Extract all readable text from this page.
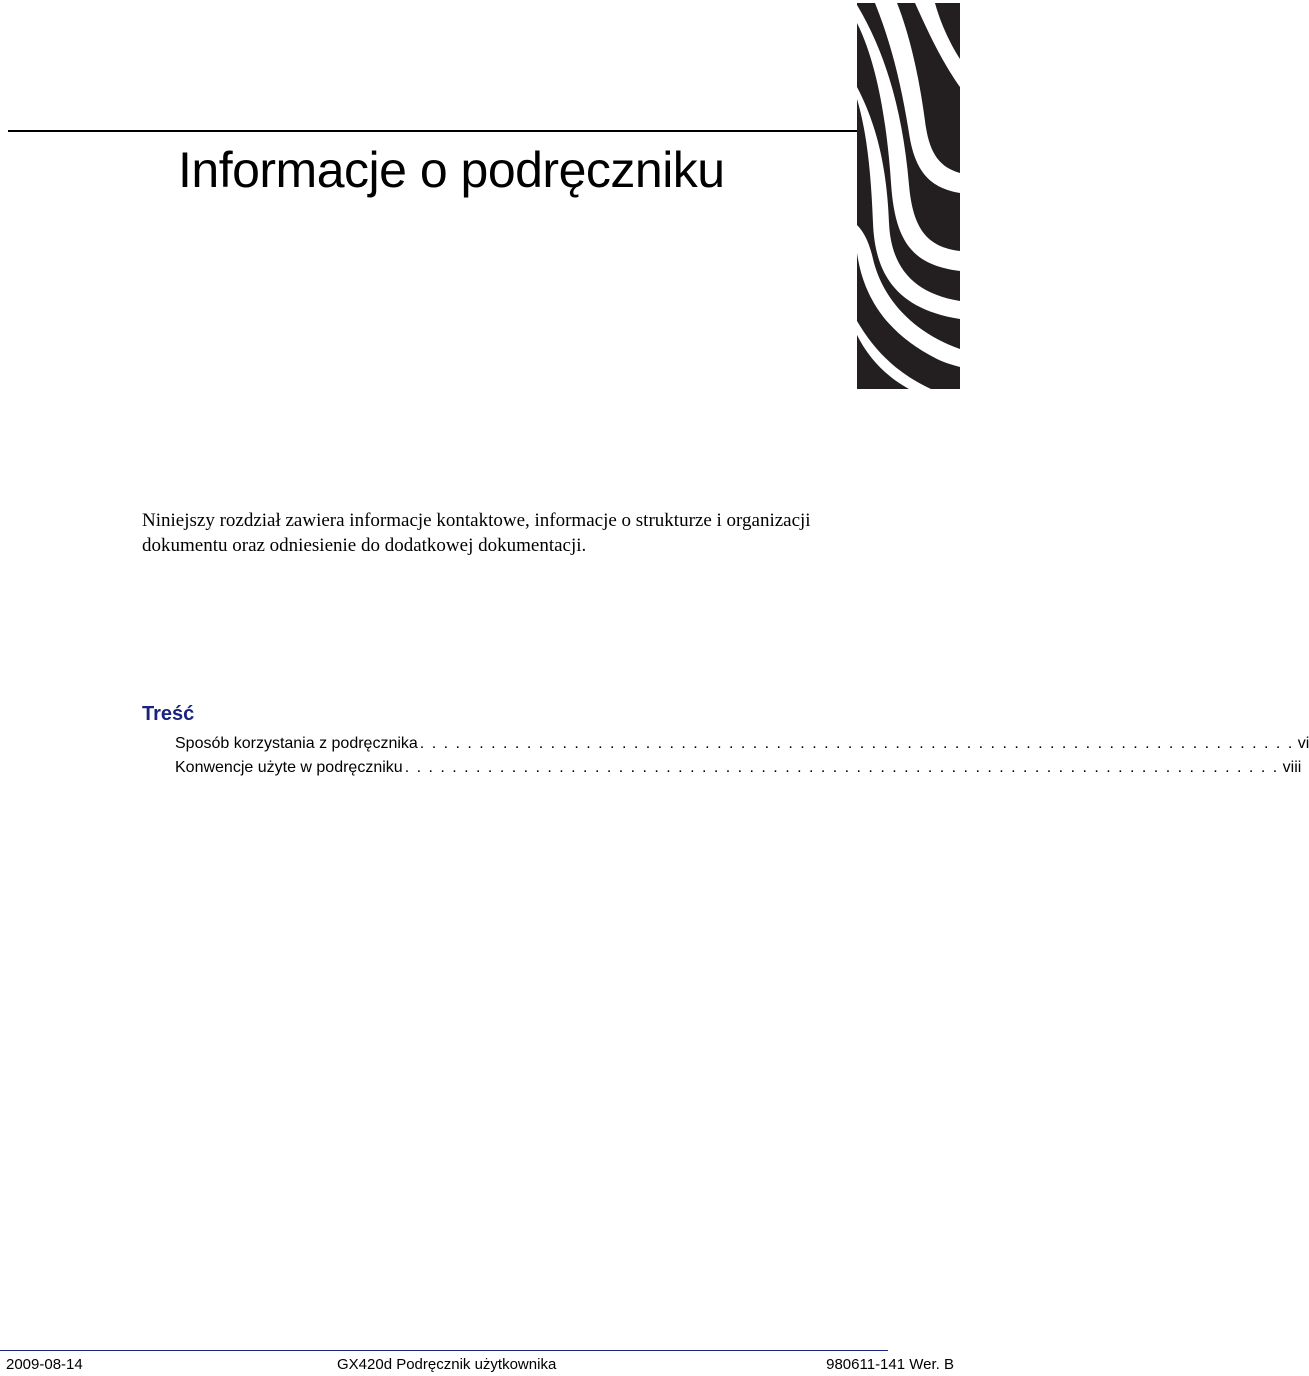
Informacje o podręczniku

Niniejszy rozdział zawiera informacje kontaktowe, informacje o strukturze i organizacji dokumentu oraz odniesienie do dodatkowej dokumentacji.

Treść
Sposób korzystania z podręcznika . . . . . . . . . . . . . . . . . . . . . . . . . . . . . . . . . . . . . . . . . . . . . . . . . . . . . . . . . . . . . . . . . . . . . . . . . . vi
Konwencje użyte w podręczniku . . . . . . . . . . . . . . . . . . . . . . . . . . . . . . . . . . . . . . . . . . . . . . . . . . . . . . . . . . . . . . . . . . . . . . . . . . viii
2009-08-14	GX420d Podręcznik użytkownika	980611-141 Wer. B
